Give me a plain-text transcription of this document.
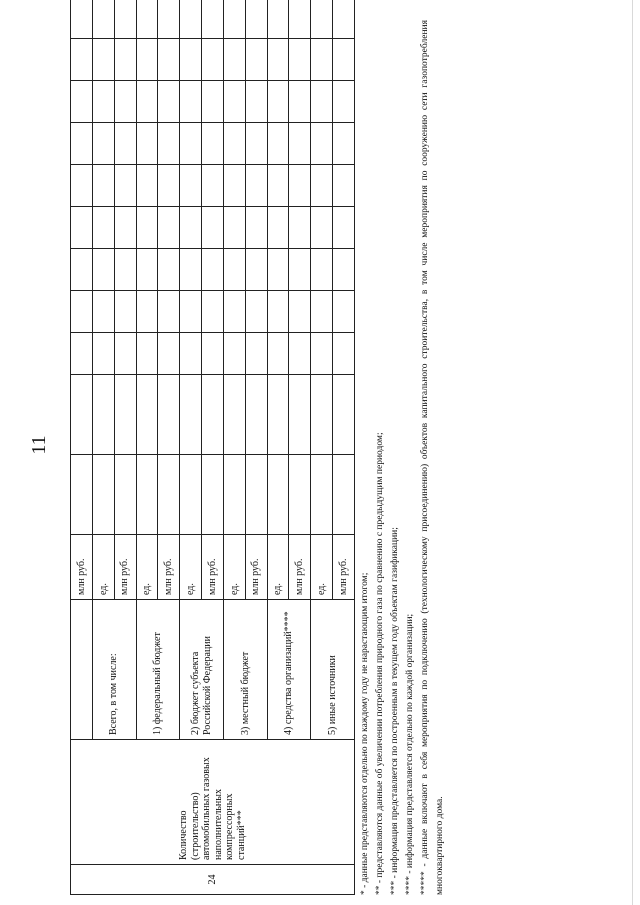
11
24	Количество (строительство) автомобильных газовых наполнительных компрессорных станций***		млн руб.											
		Всего, в том числе:	ед.											
			млн руб.											
		1) федеральный бюджет	ед.											
			млн руб.											
		2) бюджет субъекта Российской Федерации	ед.											
			млн руб.											
		3) местный бюджет	ед.											
			млн руб.											
		4) средства организаций****	ед.											
			млн руб.											
		5) иные источники	ед.											
			млн руб.											* - данные представляются отдельно по каждому году не нарастающим итогом; ** - представляются данные об увеличении потребления природного газа по сравнению с предыдущим периодом; *** - информация представляется по построенным в текущем году объектам газификации; **** - информация представляется отдельно по каждой организации; ***** - данные включают в себя мероприятия по подключению (технологическому присоединению) объектов капитального строительства, в том числе мероприятия по сооружению сети газопотребления многоквартирного дома.
